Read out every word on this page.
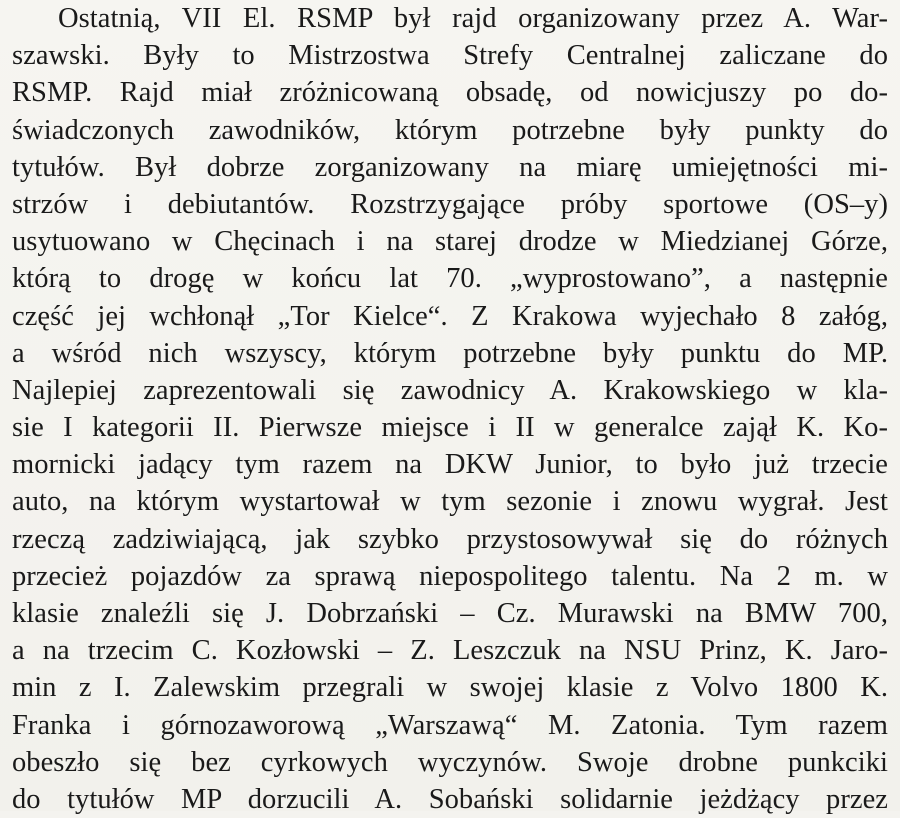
Ostatnią, VII El. RSMP był rajd organizowany przez A. War-
szawski. Były to Mistrzostwa Strefy Centralnej zaliczane do
RSMP. Rajd miał zróżnicowaną obsadę, od nowicjuszy po do-
świadczonych zawodników, którym potrzebne były punkty do
tytułów. Był dobrze zorganizowany na miarę umiejętności mi-
strzów i debiutantów. Rozstrzygające próby sportowe (OS–y)
usytuowano w Chęcinach i na starej drodze w Miedzianej Górze,
którą to drogę w końcu lat 70. „wyprostowano”, a następnie
część jej wchłonął „Tor Kielce“. Z Krakowa wyjechało 8 załóg,
a wśród nich wszyscy, którym potrzebne były punktu do MP.
Najlepiej zaprezentowali się zawodnicy A. Krakowskiego w kla-
sie I kategorii II. Pierwsze miejsce i II w generalce zajął K. Ko-
mornicki jadący tym razem na DKW Junior, to było już trzecie
auto, na którym wystartował w tym sezonie i znowu wygrał. Jest
rzeczą zadziwiającą, jak szybko przystosowywał się do różnych
przecież pojazdów za sprawą niepospolitego talentu. Na 2 m. w
klasie znaleźli się J. Dobrzański – Cz. Murawski na BMW 700,
a na trzecim C. Kozłowski – Z. Leszczuk na NSU Prinz, K. Jaro-
min z I. Zalewskim przegrali w swojej klasie z Volvo 1800 K.
Franka i górnozaworową „Warszawą“ M. Zatonia. Tym razem
obeszło się bez cyrkowych wyczynów. Swoje drobne punkciki
do tytułów MP dorzucili A. Sobański solidarnie jeżdżący przez
